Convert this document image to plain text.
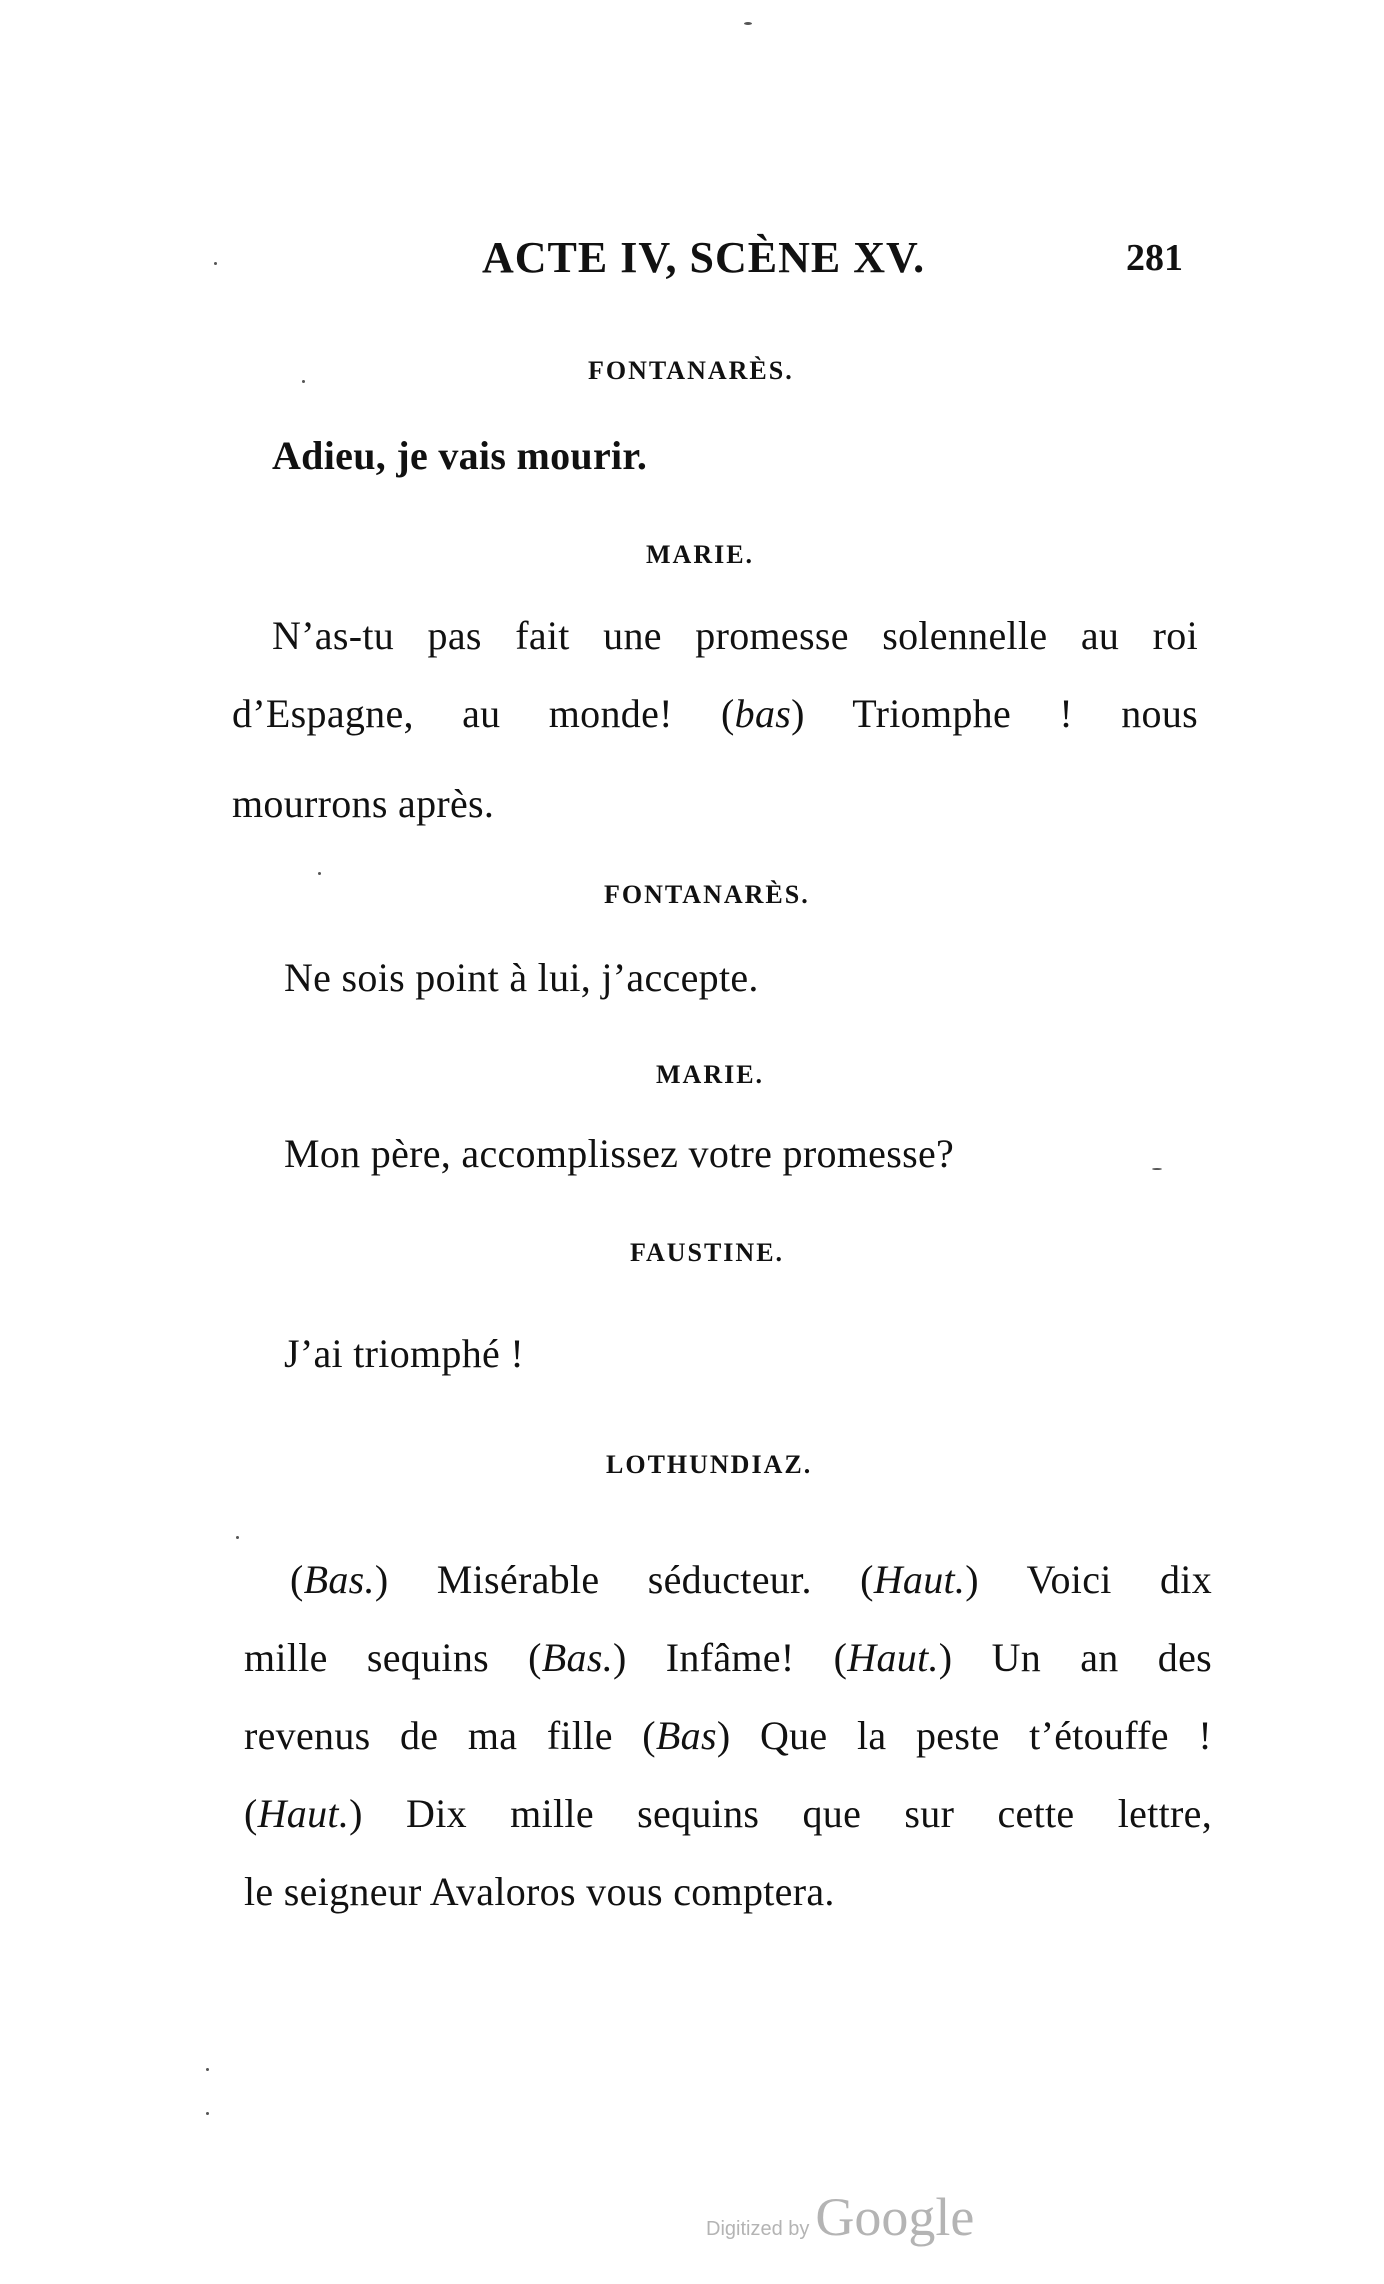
ACTE IV, SCÈNE XV.	281
FONTANARÈS.
Adieu, je vais mourir.
MARIE.
N’as-tu pas fait une promesse solennelle au roi
d’Espagne, au monde! (bas) Triomphe ! nous
mourrons après.
FONTANARÈS.
Ne sois point à lui, j’accepte.
MARIE.
Mon père, accomplissez votre promesse?
FAUSTINE.
J’ai triomphé !
LOTHUNDIAZ.
(Bas.) Misérable séducteur. (Haut.) Voici dix
mille sequins (Bas.) Infâme! (Haut.) Un an des
revenus de ma fille (Bas) Que la peste t’étouffe !
(Haut.) Dix mille sequins que sur cette lettre,
le seigneur Avaloros vous comptera.
Digitized by Google
